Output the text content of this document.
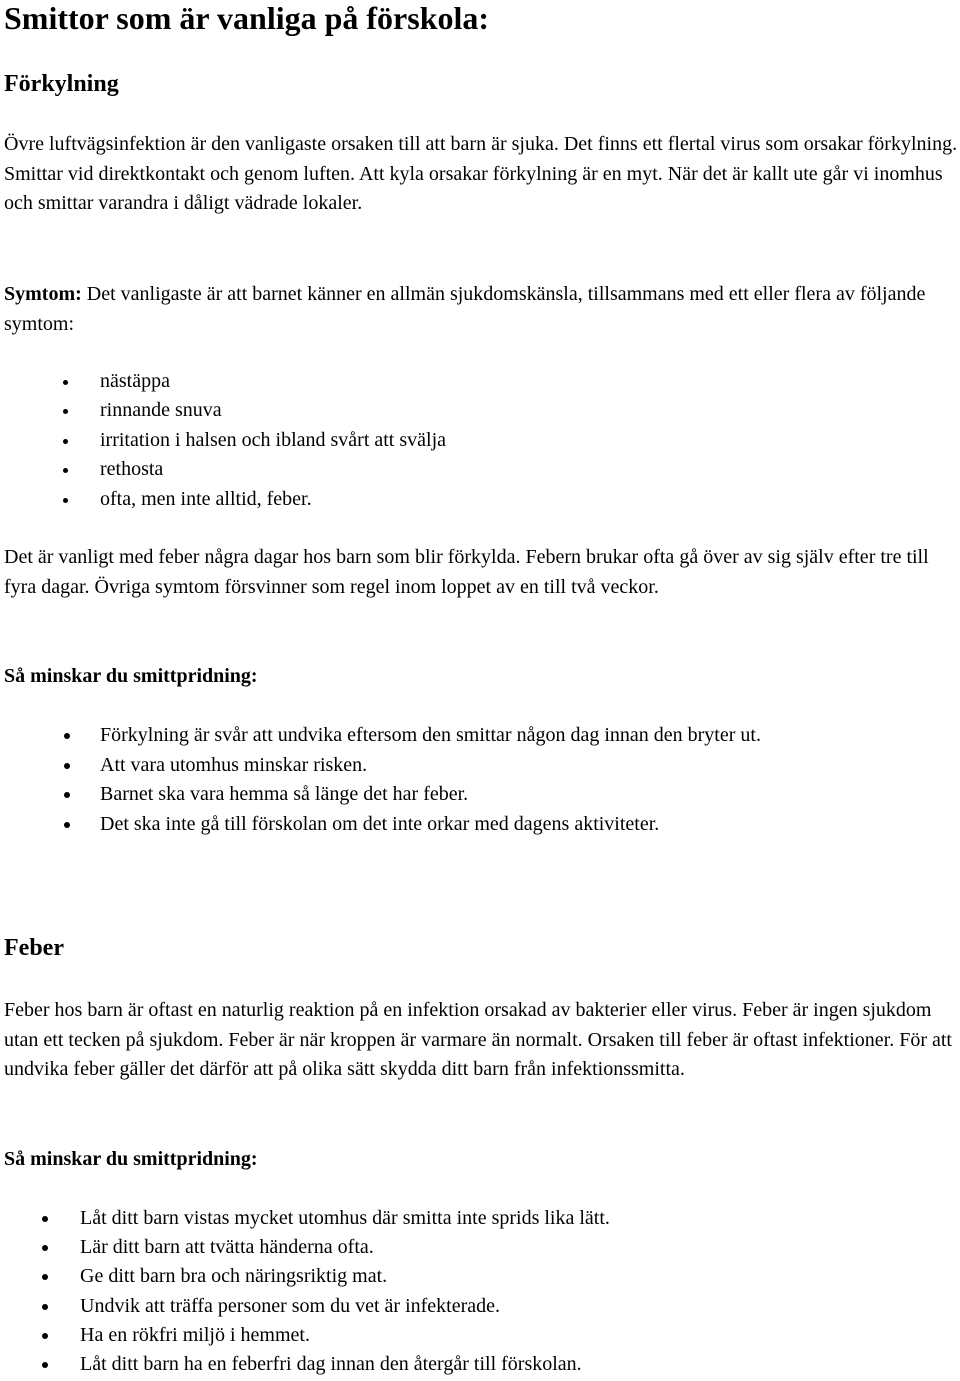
Smittor som är vanliga på förskola:
Förkylning

Övre luftvägsinfektion är den vanligaste orsaken till att barn är sjuka. Det finns ett flertal virus som orsakar förkylning. Smittar vid direktkontakt och genom luften. Att kyla orsakar förkylning är en myt. När det är kallt ute går vi inomhus och smittar varandra i dåligt vädrade lokaler.

Symtom: Det vanligaste är att barnet känner en allmän sjukdomskänsla, tillsammans med ett eller flera av följande symtom:

nästäppa
rinnande snuva
irritation i halsen och ibland svårt att svälja
rethosta
ofta, men inte alltid, feber.

Det är vanligt med feber några dagar hos barn som blir förkylda. Febern brukar ofta gå över av sig själv efter tre till fyra dagar. Övriga symtom försvinner som regel inom loppet av en till två veckor.

Så minskar du smittpridning:
Förkylning är svår att undvika eftersom den smittar någon dag innan den bryter ut.
Att vara utomhus minskar risken.
Barnet ska vara hemma så länge det har feber.
Det ska inte gå till förskolan om det inte orkar med dagens aktiviteter.
Feber

Feber hos barn är oftast en naturlig reaktion på en infektion orsakad av bakterier eller virus. Feber är ingen sjukdom utan ett tecken på sjukdom. Feber är när kroppen är varmare än normalt. Orsaken till feber är oftast infektioner. För att undvika feber gäller det därför att på olika sätt skydda ditt barn från infektionssmitta.

Så minskar du smittpridning:
Låt ditt barn vistas mycket utomhus där smitta inte sprids lika lätt.
Lär ditt barn att tvätta händerna ofta.
Ge ditt barn bra och näringsriktig mat.
Undvik att träffa personer som du vet är infekterade.
Ha en rökfri miljö i hemmet.
Låt ditt barn ha en feberfri dag innan den återgår till förskolan.
